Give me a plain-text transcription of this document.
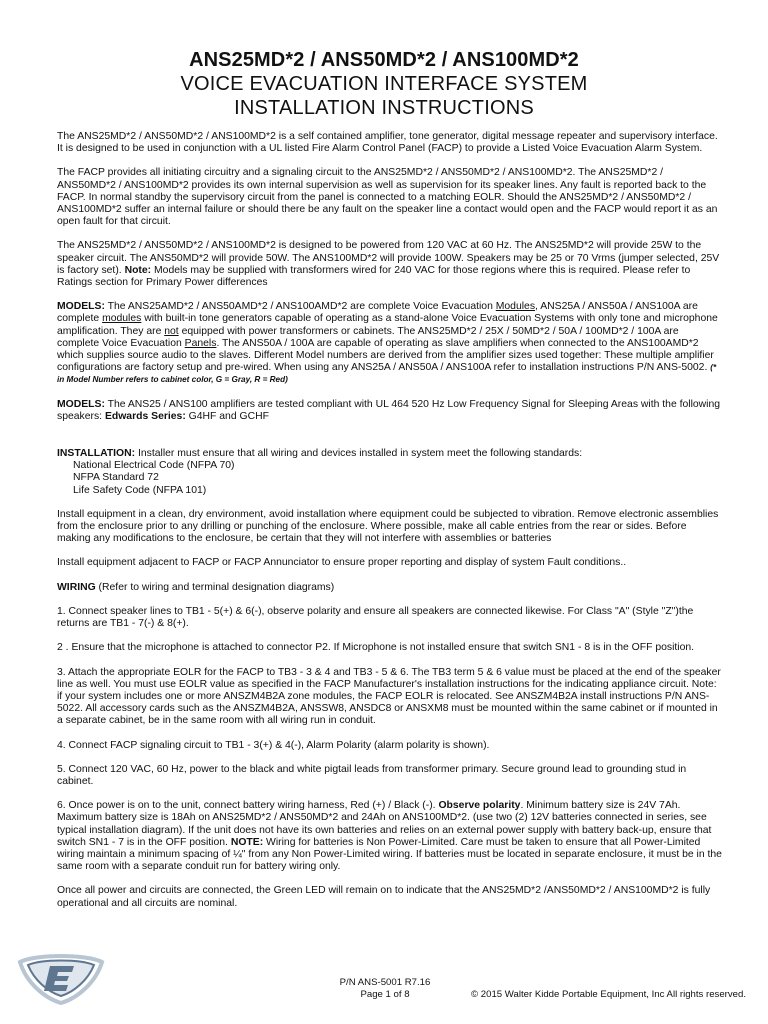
ANS25MD*2 / ANS50MD*2 / ANS100MD*2
VOICE EVACUATION INTERFACE SYSTEM
INSTALLATION INSTRUCTIONS

The ANS25MD*2 / ANS50MD*2 / ANS100MD*2 is a self contained amplifier, tone generator, digital message repeater and supervisory interface. It is designed to be used in conjunction with a UL listed Fire Alarm Control Panel (FACP) to provide a Listed Voice Evacuation Alarm System.

The FACP provides all initiating circuitry and a signaling circuit to the ANS25MD*2 / ANS50MD*2 / ANS100MD*2. The ANS25MD*2 / ANS50MD*2 / ANS100MD*2 provides its own internal supervision as well as supervision for its speaker lines. Any fault is reported back to the FACP. In normal standby the supervisory circuit from the panel is connected to a matching EOLR. Should the ANS25MD*2 / ANS50MD*2 / ANS100MD*2 suffer an internal failure or should there be any fault on the speaker line a contact would open and the FACP would report it as an open fault for that circuit.

The ANS25MD*2 / ANS50MD*2 / ANS100MD*2 is designed to be powered from 120 VAC at 60 Hz. The ANS25MD*2 will provide 25W to the speaker circuit. The ANS50MD*2 will provide 50W. The ANS100MD*2 will provide 100W. Speakers may be 25 or 70 Vrms (jumper selected, 25V is factory set). Note: Models may be supplied with transformers wired for 240 VAC for those regions where this is required. Please refer to Ratings section for Primary Power differences

MODELS: The ANS25AMD*2 / ANS50AMD*2 / ANS100AMD*2 are complete Voice Evacuation Modules, ANS25A / ANS50A / ANS100A are complete modules with built-in tone generators capable of operating as a stand-alone Voice Evacuation Systems with only tone and microphone amplification. They are not equipped with power transformers or cabinets. The ANS25MD*2 / 25X / 50MD*2 / 50A / 100MD*2 / 100A are complete Voice Evacuation Panels. The ANS50A / 100A are capable of operating as slave amplifiers when connected to the ANS100AMD*2 which supplies source audio to the slaves. Different Model numbers are derived from the amplifier sizes used together: These multiple amplifier configurations are factory setup and pre-wired. When using any ANS25A / ANS50A / ANS100A refer to installation instructions P/N ANS-5002. (* in Model Number refers to cabinet color, G = Gray, R = Red)

MODELS: The ANS25 / ANS100 amplifiers are tested compliant with UL 464 520 Hz Low Frequency Signal for Sleeping Areas with the following speakers: Edwards Series: G4HF and GCHF

INSTALLATION: Installer must ensure that all wiring and devices installed in system meet the following standards:

National Electrical Code (NFPA 70)
NFPA Standard 72
Life Safety Code (NFPA 101)

Install equipment in a clean, dry environment, avoid installation where equipment could be subjected to vibration. Remove electronic assemblies from the enclosure prior to any drilling or punching of the enclosure. Where possible, make all cable entries from the rear or sides. Before making any modifications to the enclosure, be certain that they will not interfere with assemblies or batteries

Install equipment adjacent to FACP or FACP Annunciator to ensure proper reporting and display of system Fault conditions..

WIRING (Refer to wiring and terminal designation diagrams)

1. Connect speaker lines to TB1 - 5(+) & 6(-), observe polarity and ensure all speakers are connected likewise. For Class "A" (Style "Z")the returns are TB1 - 7(-) & 8(+).

2 . Ensure that the microphone is attached to connector P2. If Microphone is not installed ensure that switch SN1 - 8 is in the OFF position.

3. Attach the appropriate EOLR for the FACP to TB3 - 3 & 4 and TB3 - 5 & 6. The TB3 term 5 & 6 value must be placed at the end of the speaker line as well. You must use EOLR value as specified in the FACP Manufacturer's installation instructions for the indicating appliance circuit. Note: if your system includes one or more ANSZM4B2A zone modules, the FACP EOLR is relocated. See ANSZM4B2A install instructions P/N ANS-5022. All accessory cards such as the ANSZM4B2A, ANSSW8, ANSDC8 or ANSXM8 must be mounted within the same cabinet or if mounted in a separate cabinet, be in the same room with all wiring run in conduit.

4. Connect FACP signaling circuit to TB1 - 3(+) & 4(-), Alarm Polarity (alarm polarity is shown).

5. Connect 120 VAC, 60 Hz, power to the black and white pigtail leads from transformer primary. Secure ground lead to grounding stud in cabinet.

6. Once power is on to the unit, connect battery wiring harness, Red (+) / Black (-). Observe polarity. Minimum battery size is 24V 7Ah. Maximum battery size is 18Ah on ANS25MD*2 / ANS50MD*2 and 24Ah on ANS100MD*2. (use two (2) 12V batteries connected in series, see typical installation diagram). If the unit does not have its own batteries and relies on an external power supply with battery back-up, ensure that switch SN1 - 7 is in the OFF position. NOTE: Wiring for batteries is Non Power-Limited. Care must be taken to ensure that all Power-Limited wiring maintain a minimum spacing of ¼" from any Non Power-Limited wiring. If batteries must be located in separate enclosure, it must be in the same room with a separate conduit run for battery wiring only.

Once all power and circuits are connected, the Green LED will remain on to indicate that the ANS25MD*2 /ANS50MD*2 / ANS100MD*2 is fully operational and all circuits are nominal.

P/N ANS-5001 R7.16
Page 1 of 8	© 2015 Walter Kidde Portable Equipment, Inc All rights reserved.
